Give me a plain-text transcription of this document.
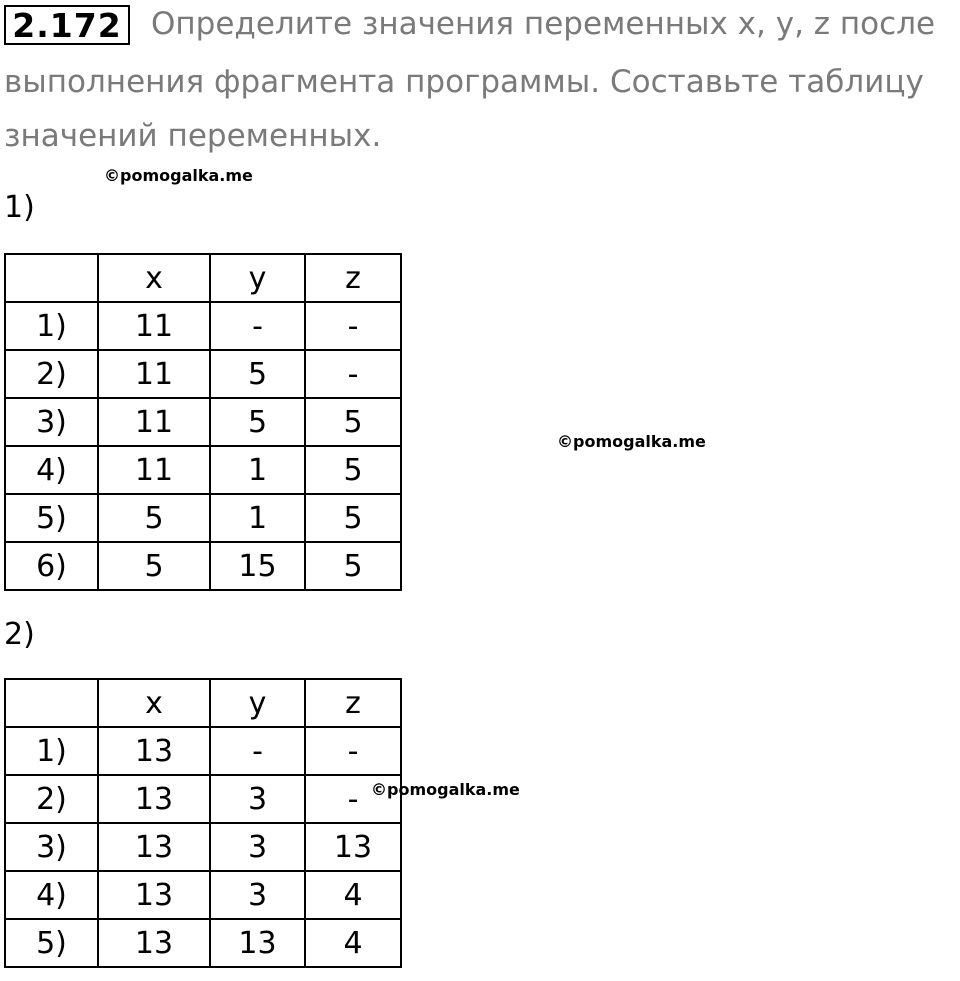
2.172 Определите значения переменных x, y, z после
выполнения фрагмента программы. Составьте таблицу
значений переменных.
©pomogalka.me
©pomogalka.me
©pomogalka.me
1)
	x	y	z
1)	11	-	-
2)	11	5	-
3)	11	5	5
4)	11	1	5
5)	5	1	5
6)	5	15	5
2)
	x	y	z
1)	13	-	-
2)	13	3	-
3)	13	3	13
4)	13	3	4
5)	13	13	4
